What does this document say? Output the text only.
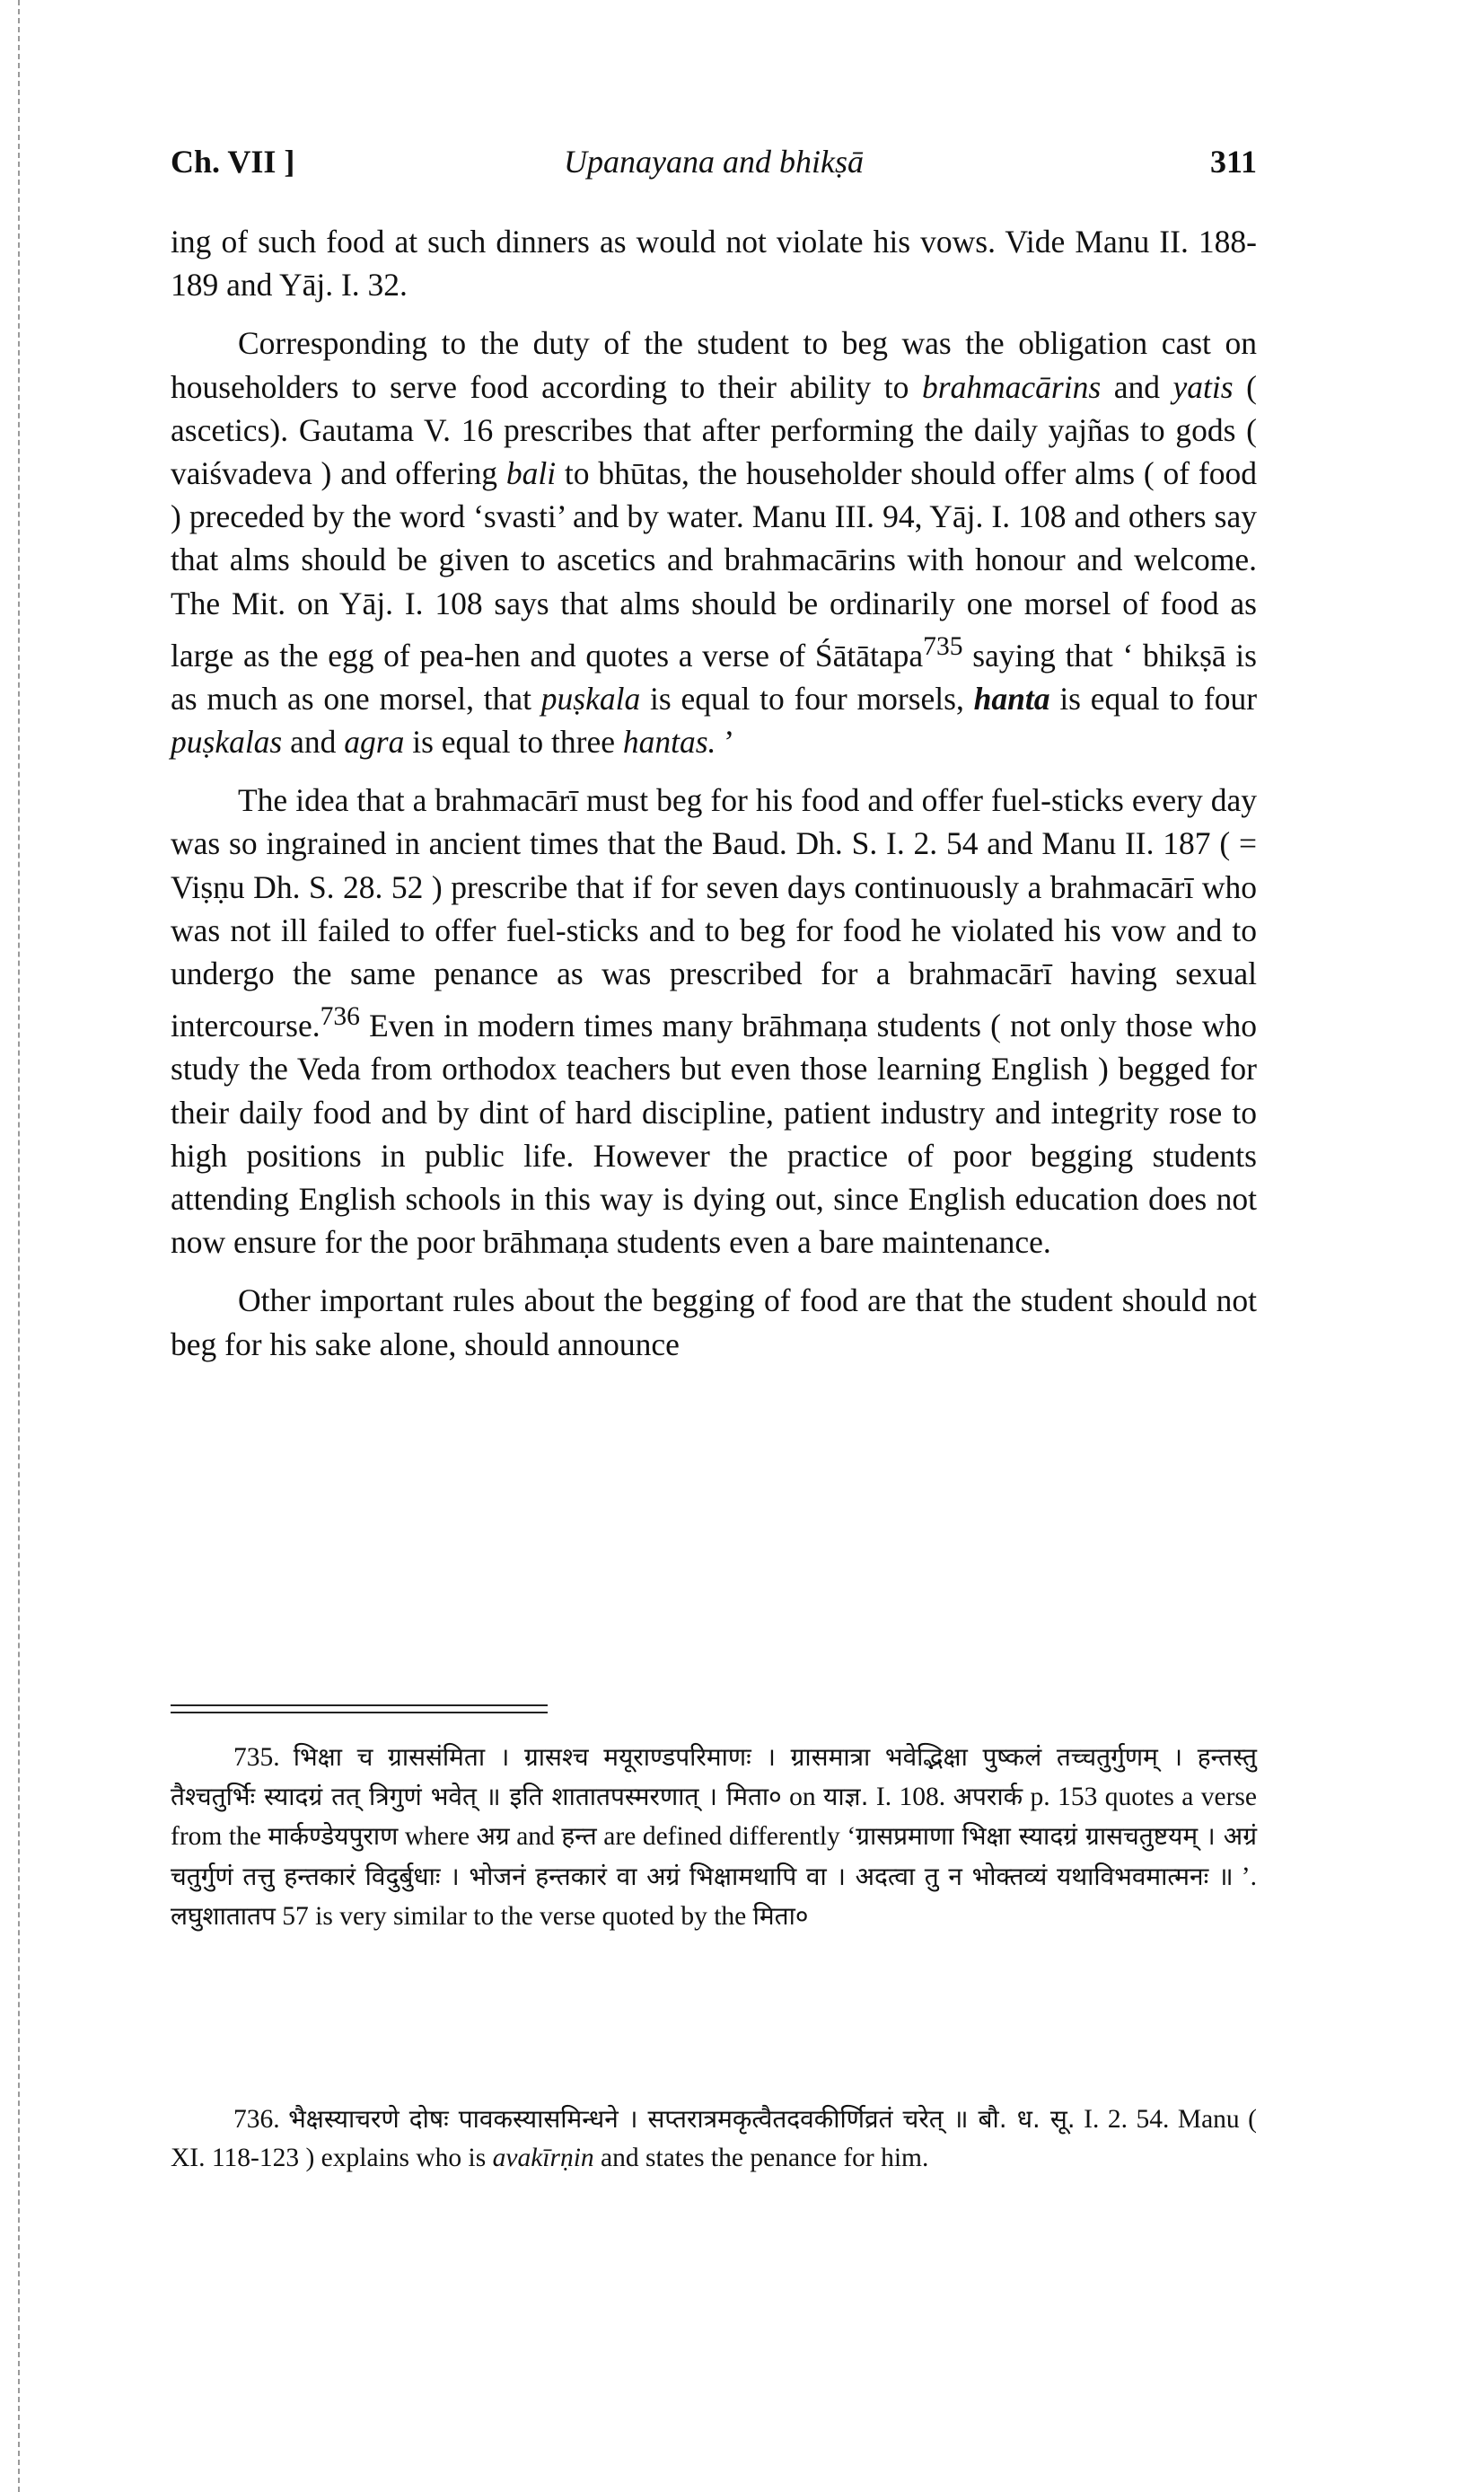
Ch. VII ]	Upanayana and bhikṣā	311

ing of such food at such dinners as would not violate his vows. Vide Manu II. 188-189 and Yāj. I. 32.

Corresponding to the duty of the student to beg was the obligation cast on householders to serve food according to their ability to brahmacārins and yatis ( ascetics). Gautama V. 16 prescribes that after performing the daily yajñas to gods ( vaiśvadeva ) and offering bali to bhūtas, the householder should offer alms ( of food ) preceded by the word ‘svasti’ and by water. Manu III. 94, Yāj. I. 108 and others say that alms should be given to ascetics and brahmacārins with honour and welcome. The Mit. on Yāj. I. 108 says that alms should be ordinarily one morsel of food as large as the egg of pea-hen and quotes a verse of Śātātapa$^{735}$ saying that ‘ bhikṣā is as much as one morsel, that puṣkala is equal to four morsels, hanta is equal to four puṣkalas and agra is equal to three hantas. ’

The idea that a brahmacārī must beg for his food and offer fuel-sticks every day was so ingrained in ancient times that the Baud. Dh. S. I. 2. 54 and Manu II. 187 ( = Viṣṇu Dh. S. 28. 52 ) prescribe that if for seven days continuously a brahmacārī who was not ill failed to offer fuel-sticks and to beg for food he violated his vow and to undergo the same penance as was prescribed for a brahmacārī having sexual intercourse.$^{736}$ Even in modern times many brāhmaṇa students ( not only those who study the Veda from orthodox teachers but even those learning English ) begged for their daily food and by dint of hard discipline, patient industry and integrity rose to high positions in public life. However the practice of poor begging students attending English schools in this way is dying out, since English education does not now ensure for the poor brāhmaṇa students even a bare maintenance.

Other important rules about the begging of food are that the student should not beg for his sake alone, should announce

735. भिक्षा च ग्राससंमिता । ग्रासश्च मयूराण्डपरिमाणः । ग्रासमात्रा भवेद्भिक्षा पुष्कलं तच्चतुर्गुणम् । हन्तस्तु तैश्चतुर्भिः स्यादग्रं तत् त्रिगुणं भवेत् ॥ इति शातातपस्मरणात् । मिता० on याज्ञ. I. 108. अपरार्क p. 153 quotes a verse from the मार्कण्डेयपुराण where अग्र and हन्त are defined differently ‘ग्रासप्रमाणा भिक्षा स्यादग्रं ग्रासचतुष्टयम् । अग्रं चतुर्गुणं तत्तु हन्तकारं विदुर्बुधाः । भोजनं हन्तकारं वा अग्रं भिक्षामथापि वा । अदत्वा तु न भोक्तव्यं यथाविभवमात्मनः ॥ ’. लघुशातातप 57 is very similar to the verse quoted by the मिता०

736. भैक्षस्याचरणे दोषः पावकस्यासमिन्धने । सप्तरात्रमकृत्वैतदवकीर्णिव्रतं चरेत् ॥ बौ. ध. सू. I. 2. 54. Manu ( XI. 118-123 ) explains who is avakīrṇin and states the penance for him.
